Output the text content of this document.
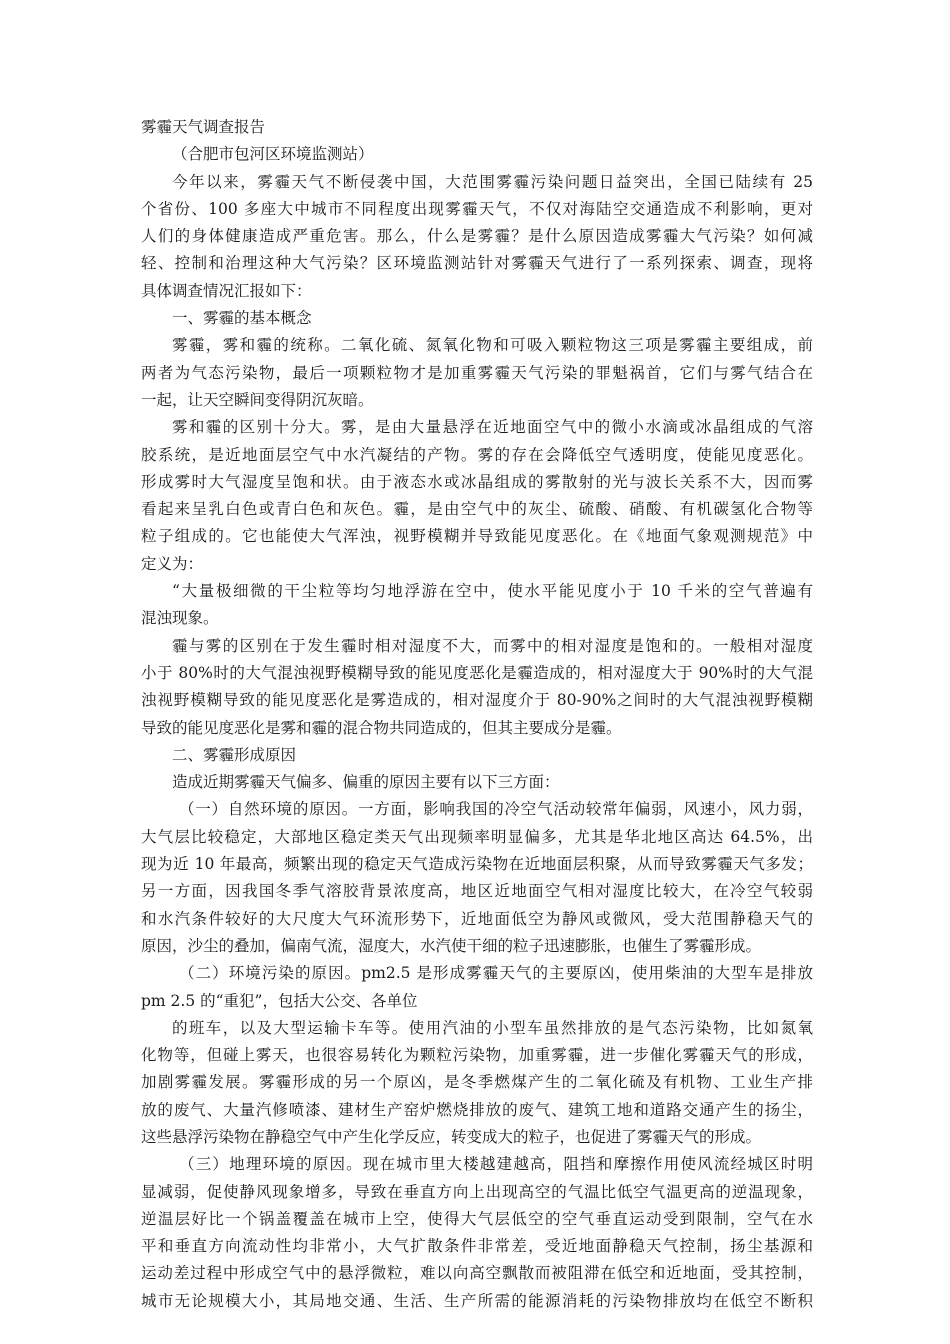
雾霾天气调查报告

（合肥市包河区环境监测站）

今年以来，雾霾天气不断侵袭中国，大范围雾霾污染问题日益突出，全国已陆续有 25

个省份、100 多座大中城市不同程度出现雾霾天气，不仅对海陆空交通造成不利影响，更对

人们的身体健康造成严重危害。那么，什么是雾霾？是什么原因造成雾霾大气污染？如何减

轻、控制和治理这种大气污染？区环境监测站针对雾霾天气进行了一系列探索、调查，现将

具体调查情况汇报如下：

一、雾霾的基本概念

雾霾，雾和霾的统称。二氧化硫、氮氧化物和可吸入颗粒物这三项是雾霾主要组成，前

两者为气态污染物，最后一项颗粒物才是加重雾霾天气污染的罪魁祸首，它们与雾气结合在

一起，让天空瞬间变得阴沉灰暗。

雾和霾的区别十分大。雾，是由大量悬浮在近地面空气中的微小水滴或冰晶组成的气溶

胶系统，是近地面层空气中水汽凝结的产物。雾的存在会降低空气透明度，使能见度恶化。

形成雾时大气湿度呈饱和状。由于液态水或冰晶组成的雾散射的光与波长关系不大，因而雾

看起来呈乳白色或青白色和灰色。霾，是由空气中的灰尘、硫酸、硝酸、有机碳氢化合物等

粒子组成的。它也能使大气浑浊，视野模糊并导致能见度恶化。在《地面气象观测规范》中

定义为：

“大量极细微的干尘粒等均匀地浮游在空中，使水平能见度小于 10 千米的空气普遍有

混浊现象。

霾与雾的区别在于发生霾时相对湿度不大，而雾中的相对湿度是饱和的。一般相对湿度

小于 80%时的大气混浊视野模糊导致的能见度恶化是霾造成的，相对湿度大于 90%时的大气混

浊视野模糊导致的能见度恶化是雾造成的，相对湿度介于 80-90%之间时的大气混浊视野模糊

导致的能见度恶化是雾和霾的混合物共同造成的，但其主要成分是霾。

二、雾霾形成原因

造成近期雾霾天气偏多、偏重的原因主要有以下三方面：

（一）自然环境的原因。一方面，影响我国的冷空气活动较常年偏弱，风速小，风力弱，

大气层比较稳定，大部地区稳定类天气出现频率明显偏多，尤其是华北地区高达 64.5%，出

现为近 10 年最高，频繁出现的稳定天气造成污染物在近地面层积聚，从而导致雾霾天气多发；

另一方面，因我国冬季气溶胶背景浓度高，地区近地面空气相对湿度比较大，在冷空气较弱

和水汽条件较好的大尺度大气环流形势下，近地面低空为静风或微风，受大范围静稳天气的

原因，沙尘的叠加，偏南气流，湿度大，水汽使干细的粒子迅速膨胀，也催生了雾霾形成。

（二）环境污染的原因。pm2.5 是形成雾霾天气的主要原凶，使用柴油的大型车是排放

pm 2.5 的“重犯”，包括大公交、各单位

的班车，以及大型运输卡车等。使用汽油的小型车虽然排放的是气态污染物，比如氮氧

化物等，但碰上雾天，也很容易转化为颗粒污染物，加重雾霾，进一步催化雾霾天气的形成，

加剧雾霾发展。雾霾形成的另一个原凶，是冬季燃煤产生的二氧化硫及有机物、工业生产排

放的废气、大量汽修喷漆、建材生产窑炉燃烧排放的废气、建筑工地和道路交通产生的扬尘，

这些悬浮污染物在静稳空气中产生化学反应，转变成大的粒子，也促进了雾霾天气的形成。

（三）地理环境的原因。现在城市里大楼越建越高，阻挡和摩擦作用使风流经城区时明

显减弱，促使静风现象增多，导致在垂直方向上出现高空的气温比低空气温更高的逆温现象，

逆温层好比一个锅盖覆盖在城市上空，使得大气层低空的空气垂直运动受到限制，空气在水

平和垂直方向流动性均非常小，大气扩散条件非常差，受近地面静稳天气控制，扬尘基源和

运动差过程中形成空气中的悬浮微粒，难以向高空飘散而被阻滞在低空和近地面，受其控制，

城市无论规模大小，其局地交通、生活、生产所需的能源消耗的污染物排放均在低空不断积
